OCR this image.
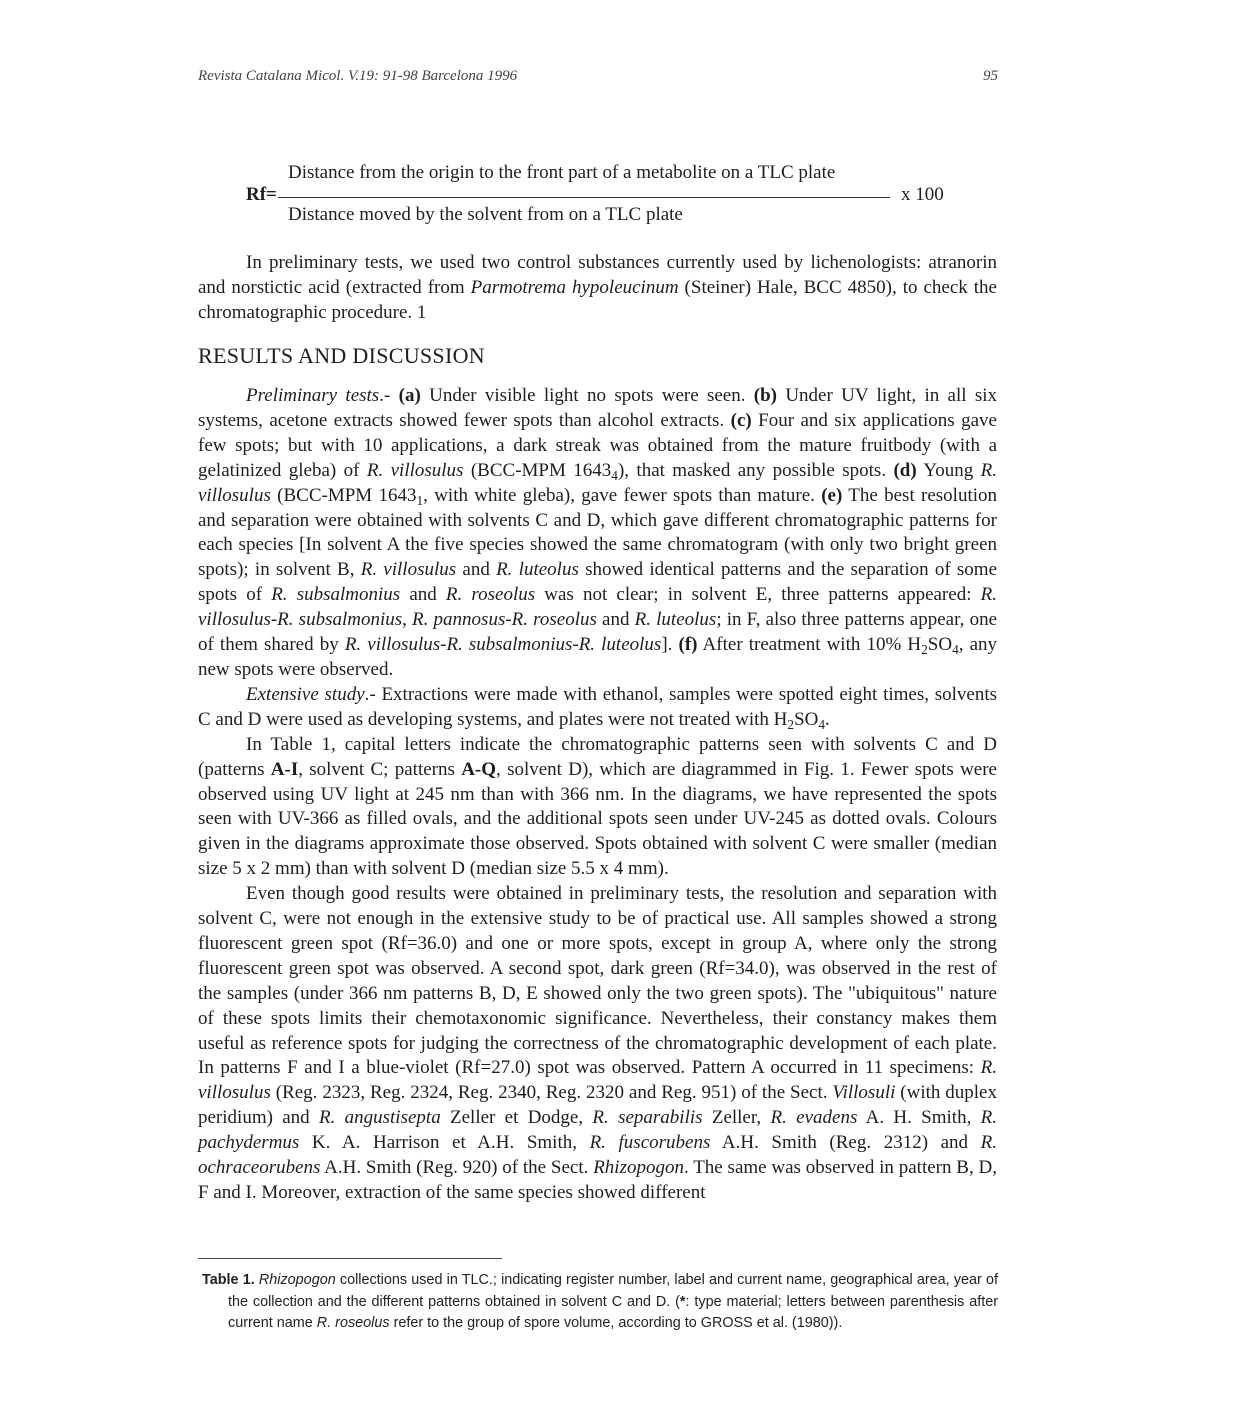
Revista Catalana Micol. V.19: 91-98 Barcelona 1996	95
Rf=
Distance from the origin to the front part of a metabolite on a TLC plate
Distance moved by the solvent from on a TLC plate
x 100

In preliminary tests, we used two control substances currently used by lichenologists: atranorin and norstictic acid (extracted from Parmotrema hypoleucinum (Steiner) Hale, BCC 4850), to check the chromatographic procedure. 1

RESULTS AND DISCUSSION

Preliminary tests.- (a) Under visible light no spots were seen. (b) Under UV light, in all six systems, acetone extracts showed fewer spots than alcohol extracts. (c) Four and six applications gave few spots; but with 10 applications, a dark streak was obtained from the mature fruitbody (with a gelatinized gleba) of R. villosulus (BCC-MPM $1643_4$), that masked any possible spots. (d) Young R. villosulus (BCC-MPM $1643_1$, with white gleba), gave fewer spots than mature. (e) The best resolution and separation were obtained with solvents C and D, which gave different chromatographic patterns for each species [In solvent A the five species showed the same chromatogram (with only two bright green spots); in solvent B, R. villosulus and R. luteolus showed identical patterns and the separation of some spots of R. subsalmonius and R. roseolus was not clear; in solvent E, three patterns appeared: R. villosulus-R. subsalmonius, R. pannosus-R. roseolus and R. luteolus; in F, also three patterns appear, one of them shared by R. villosulus-R. subsalmonius-R. luteolus]. (f) After treatment with 10% $H_2SO_4$, any new spots were observed.

Extensive study.- Extractions were made with ethanol, samples were spotted eight times, solvents C and D were used as developing systems, and plates were not treated with $H_2SO_4$.

In Table 1, capital letters indicate the chromatographic patterns seen with solvents C and D (patterns A-I, solvent C; patterns A-Q, solvent D), which are diagrammed in Fig. 1. Fewer spots were observed using UV light at 245 nm than with 366 nm. In the diagrams, we have represented the spots seen with UV-366 as filled ovals, and the additional spots seen under UV-245 as dotted ovals. Colours given in the diagrams approximate those observed. Spots obtained with solvent C were smaller (median size 5 x 2 mm) than with solvent D (median size 5.5 x 4 mm).

Even though good results were obtained in preliminary tests, the resolution and separation with solvent C, were not enough in the extensive study to be of practical use. All samples showed a strong fluorescent green spot (Rf=36.0) and one or more spots, except in group A, where only the strong fluorescent green spot was observed. A second spot, dark green (Rf=34.0), was observed in the rest of the samples (under 366 nm patterns B, D, E showed only the two green spots). The "ubiquitous" nature of these spots limits their chemotaxonomic significance. Nevertheless, their constancy makes them useful as reference spots for judging the correctness of the chromatographic development of each plate. In patterns F and I a blue-violet (Rf=27.0) spot was observed. Pattern A occurred in 11 specimens: R. villosulus (Reg. 2323, Reg. 2324, Reg. 2340, Reg. 2320 and Reg. 951) of the Sect. Villosuli (with duplex peridium) and R. angustisepta Zeller et Dodge, R. separabilis Zeller, R. evadens A. H. Smith, R. pachydermus K. A. Harrison et A.H. Smith, R. fuscorubens A.H. Smith (Reg. 2312) and R. ochraceorubens A.H. Smith (Reg. 920) of the Sect. Rhizopogon. The same was observed in pattern B, D, F and I. Moreover, extraction of the same species showed different

Table 1. Rhizopogon collections used in TLC.; indicating register number, label and current name, geographical area, year of the collection and the different patterns obtained in solvent C and D. (*: type material; letters between parenthesis after current name R. roseolus refer to the group of spore volume, according to GROSS et al. (1980)).
